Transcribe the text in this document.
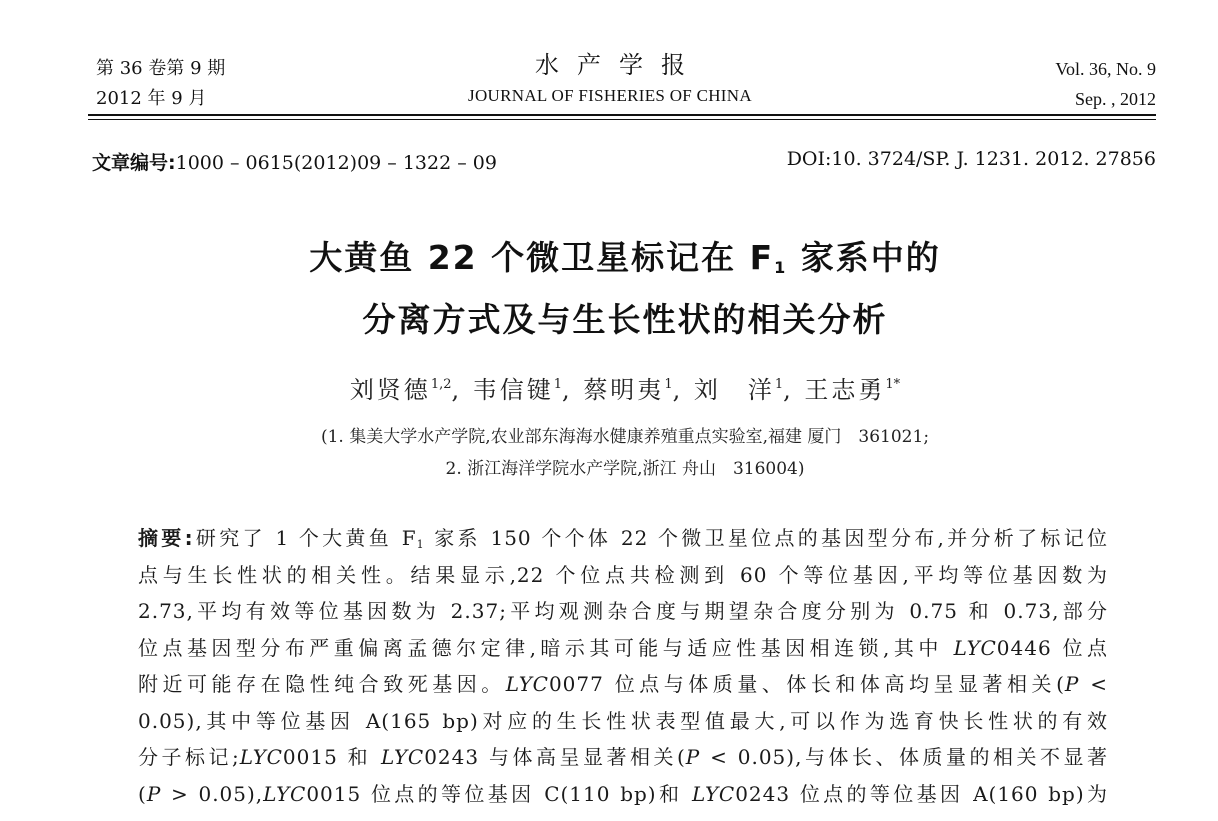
第 36 卷第 9 期
2012 年 9 月
水产学报
JOURNAL OF FISHERIES OF CHINA
Vol. 36, No. 9
Sep. , 2012
文章编号:1000 – 0615(2012)09 – 1322 – 09	DOI:10. 3724/SP. J. 1231. 2012. 27856
大黄鱼 22 个微卫星标记在 $F_1$ 家系中的
分离方式及与生长性状的相关分析
刘贤德$^{1,2}$, 韦信键$^1$, 蔡明夷$^1$, 刘　洋$^1$, 王志勇$^{1*}$
(1. 集美大学水产学院,农业部东海海水健康养殖重点实验室,福建 厦门　361021;
2. 浙江海洋学院水产学院,浙江 舟山　316004)
摘要:研究了 1 个大黄鱼 $F_1$ 家系 150 个个体 22 个微卫星位点的基因型分布,并分析了标记位
点与生长性状的相关性。结果显示,22 个位点共检测到 60 个等位基因,平均等位基因数为
2.73,平均有效等位基因数为 2.37;平均观测杂合度与期望杂合度分别为 0.75 和 0.73,部分
位点基因型分布严重偏离孟德尔定律,暗示其可能与适应性基因相连锁,其中 LYC0446 位点
附近可能存在隐性纯合致死基因。LYC0077 位点与体质量、体长和体高均呈显著相关(P <
0.05),其中等位基因 A(165 bp)对应的生长性状表型值最大,可以作为选育快长性状的有效
分子标记;LYC0015 和 LYC0243 与体高呈显著相关(P < 0.05),与体长、体质量的相关不显著
(P > 0.05),LYC0015 位点的等位基因 C(110 bp)和 LYC0243 位点的等位基因 A(160 bp)为
